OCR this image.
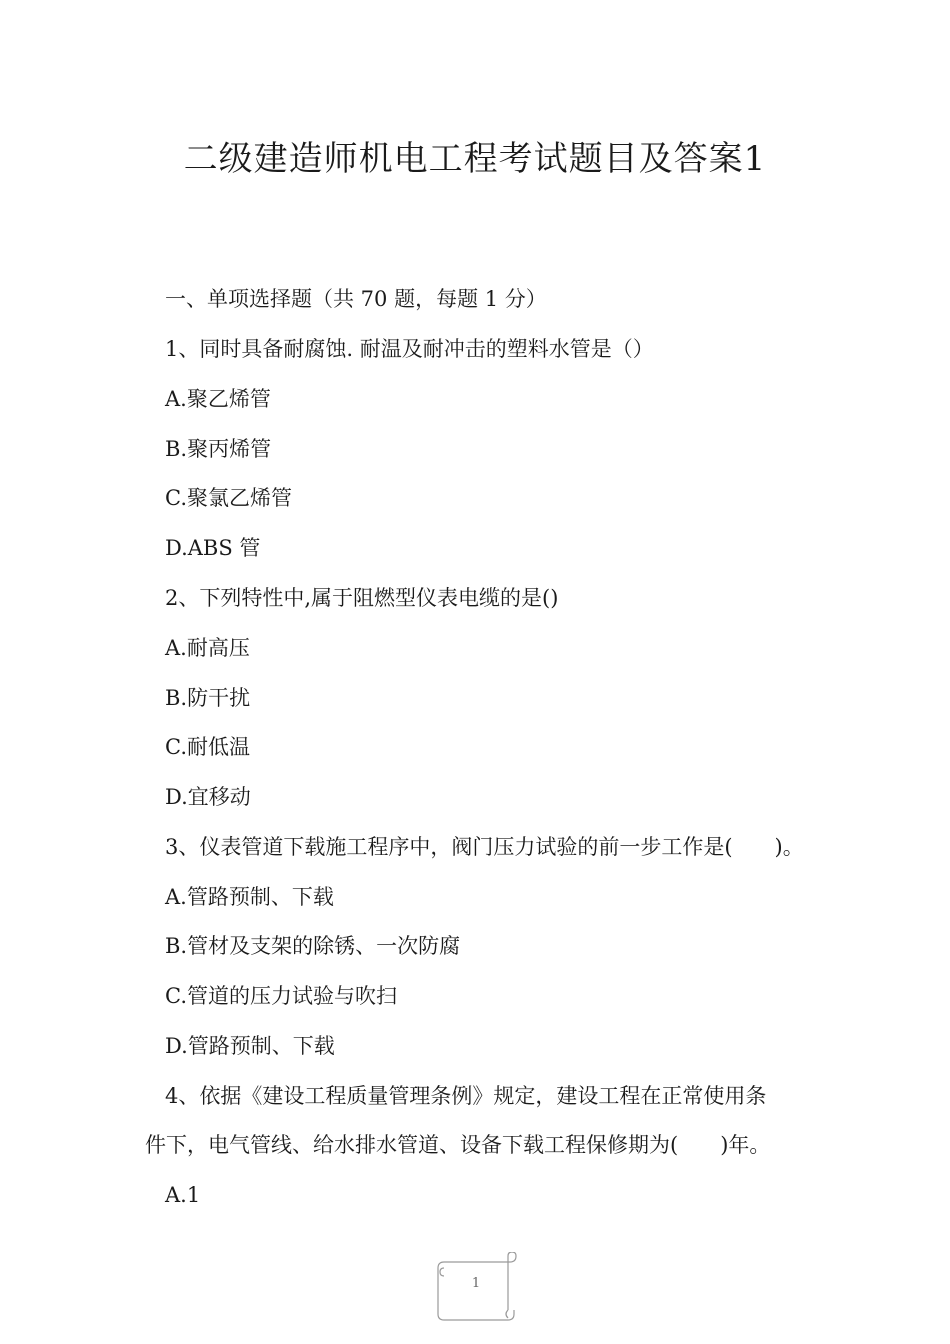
二级建造师机电工程考试题目及答案1
一、单项选择题（共 70 题，每题 1 分）
1、同时具备耐腐蚀. 耐温及耐冲击的塑料水管是（）
A.聚乙烯管
B.聚丙烯管
C.聚氯乙烯管
D.ABS 管
2、下列特性中,属于阻燃型仪表电缆的是()
A.耐高压
B.防干扰
C.耐低温
D.宜移动
3、仪表管道下载施工程序中，阀门压力试验的前一步工作是(　　)。
A.管路预制、下载
B.管材及支架的除锈、一次防腐
C.管道的压力试验与吹扫
D.管路预制、下载
4、依据《建设工程质量管理条例》规定，建设工程在正常使用条
件下，电气管线、给水排水管道、设备下载工程保修期为(　　)年。
A.1
1
